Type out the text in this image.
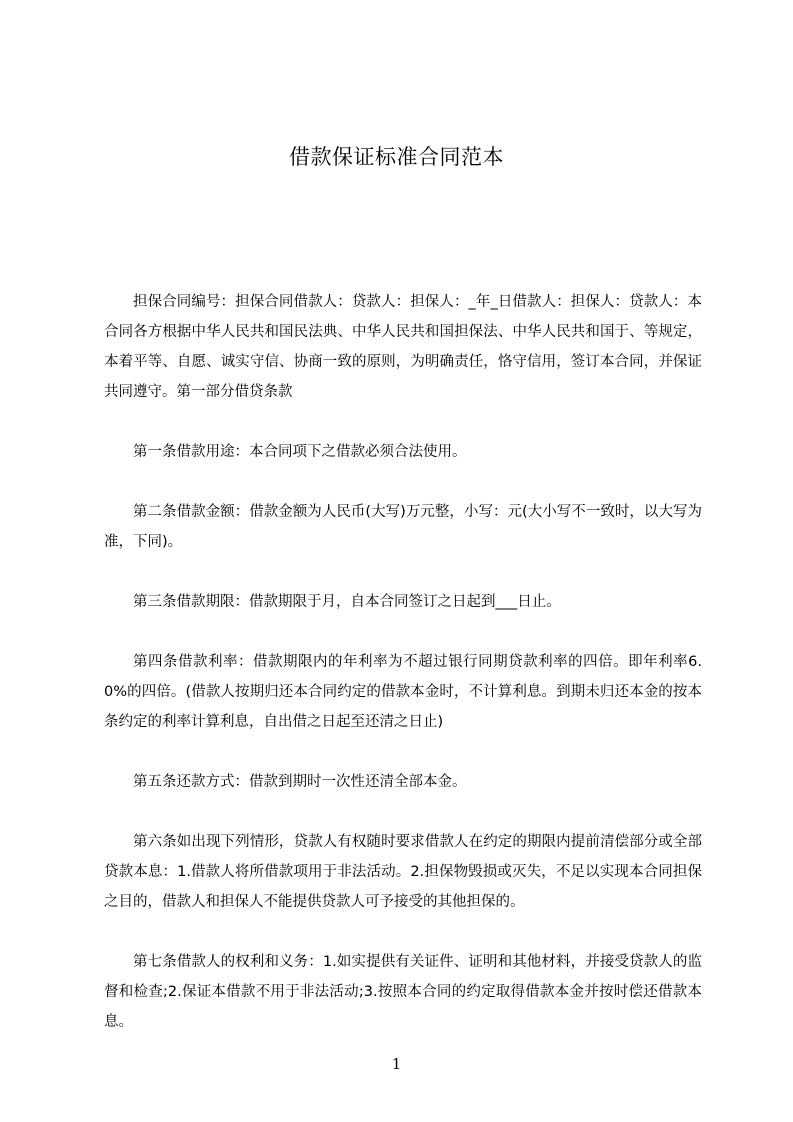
借款保证标准合同范本

担保合同编号：担保合同借款人：贷款人：担保人：_年_日借款人：担保人：贷款人：本合同各方根据中华人民共和国民法典、中华人民共和国担保法、中华人民共和国于、等规定，本着平等、自愿、诚实守信、协商一致的原则，为明确责任，恪守信用，签订本合同，并保证共同遵守。第一部分借贷条款

第一条借款用途：本合同项下之借款必须合法使用。

第二条借款金额：借款金额为人民币(大写)万元整，小写：元(大小写不一致时，以大写为准，下同)。

第三条借款期限：借款期限于月，自本合同签订之日起到___日止。

第四条借款利率：借款期限内的年利率为不超过银行同期贷款利率的四倍。即年利率6.0%的四倍。(借款人按期归还本合同约定的借款本金时，不计算利息。到期未归还本金的按本条约定的利率计算利息，自出借之日起至还清之日止)

第五条还款方式：借款到期时一次性还清全部本金。

第六条如出现下列情形，贷款人有权随时要求借款人在约定的期限内提前清偿部分或全部贷款本息：1.借款人将所借款项用于非法活动。2.担保物毁损或灭失，不足以实现本合同担保之目的，借款人和担保人不能提供贷款人可予接受的其他担保的。

第七条借款人的权利和义务：1.如实提供有关证件、证明和其他材料，并接受贷款人的监督和检查;2.保证本借款不用于非法活动;3.按照本合同的约定取得借款本金并按时偿还借款本息。

1
